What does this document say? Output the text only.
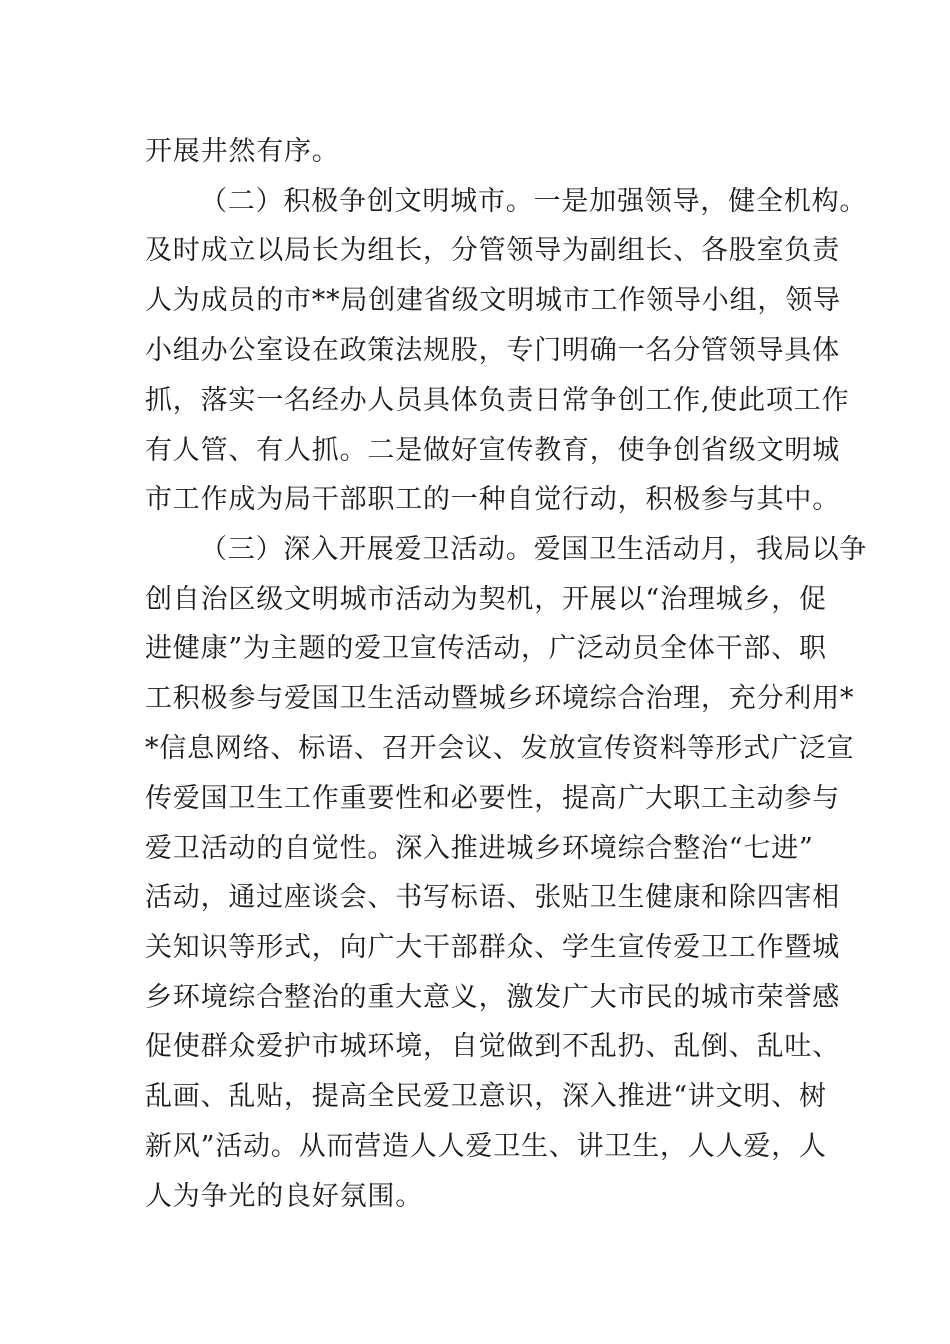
开展井然有序。
（二）积极争创文明城市。一是加强领导，健全机构。
及时成立以局长为组长，分管领导为副组长、各股室负责
人为成员的市**局创建省级文明城市工作领导小组，领导
小组办公室设在政策法规股，专门明确一名分管领导具体
抓，落实一名经办人员具体负责日常争创工作,使此项工作
有人管、有人抓。二是做好宣传教育，使争创省级文明城
市工作成为局干部职工的一种自觉行动，积极参与其中。
（三）深入开展爱卫活动。爱国卫生活动月，我局以争
创自治区级文明城市活动为契机，开展以“治理城乡，促
进健康”为主题的爱卫宣传活动，广泛动员全体干部、职
工积极参与爱国卫生活动暨城乡环境综合治理，充分利用*
*信息网络、标语、召开会议、发放宣传资料等形式广泛宣
传爱国卫生工作重要性和必要性，提高广大职工主动参与
爱卫活动的自觉性。深入推进城乡环境综合整治“七进”
活动，通过座谈会、书写标语、张贴卫生健康和除四害相
关知识等形式，向广大干部群众、学生宣传爱卫工作暨城
乡环境综合整治的重大意义，激发广大市民的城市荣誉感
促使群众爱护市城环境，自觉做到不乱扔、乱倒、乱吐、
乱画、乱贴，提高全民爱卫意识，深入推进“讲文明、树
新风”活动。从而营造人人爱卫生、讲卫生，人人爱，人
人为争光的良好氛围。
